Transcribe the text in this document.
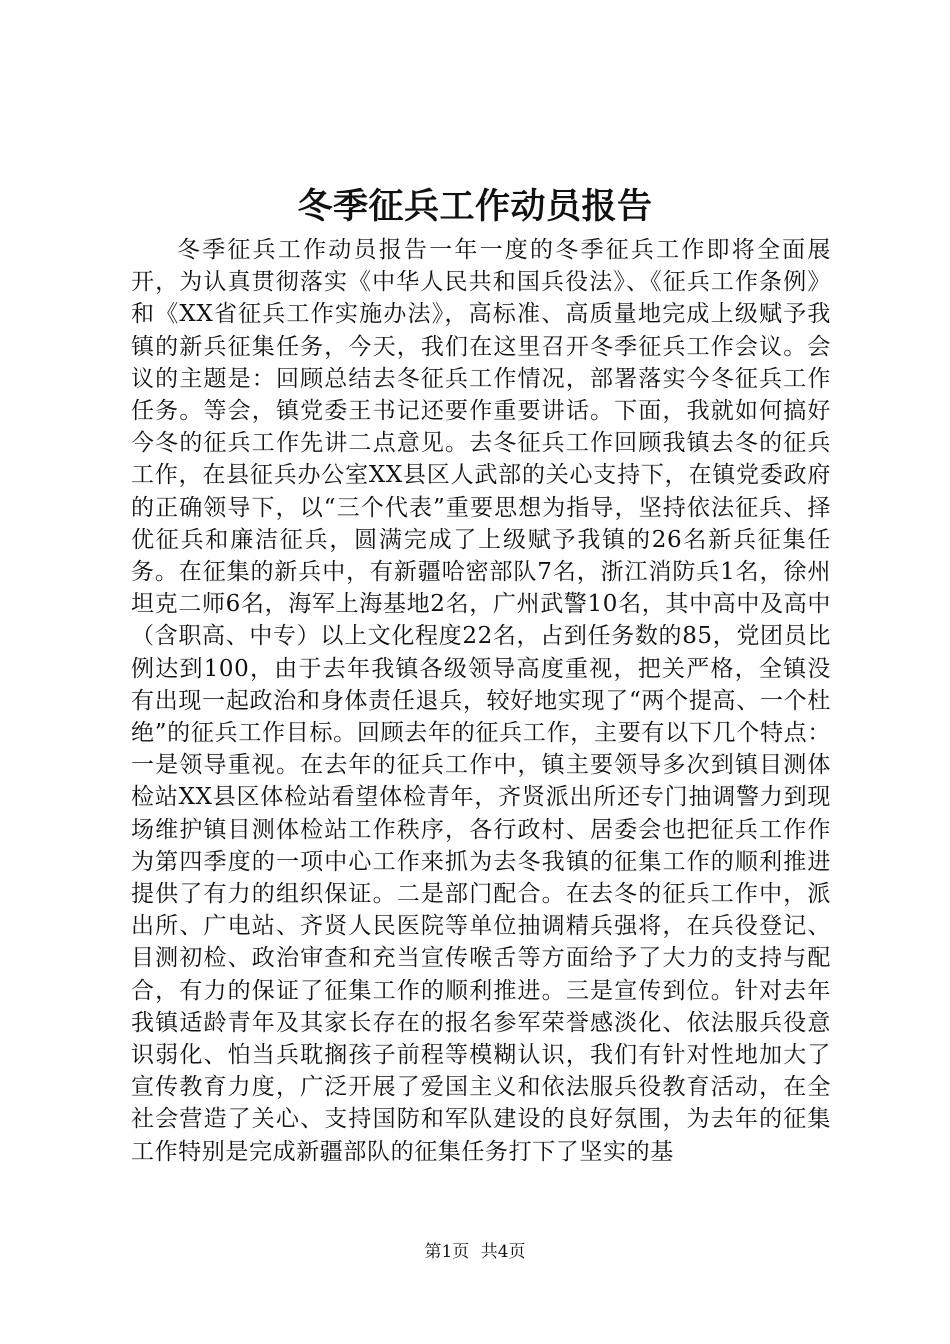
冬季征兵工作动员报告

冬季征兵工作动员报告一年一度的冬季征兵工作即将全面展开，为认真贯彻落实《中华人民共和国兵役法》、《征兵工作条例》和《XX省征兵工作实施办法》，高标准、高质量地完成上级赋予我镇的新兵征集任务，今天，我们在这里召开冬季征兵工作会议。会议的主题是：回顾总结去冬征兵工作情况，部署落实今冬征兵工作任务。等会，镇党委王书记还要作重要讲话。下面，我就如何搞好今冬的征兵工作先讲二点意见。去冬征兵工作回顾我镇去冬的征兵工作，在县征兵办公室XX县区人武部的关心支持下，在镇党委政府的正确领导下，以“三个代表”重要思想为指导，坚持依法征兵、择优征兵和廉洁征兵，圆满完成了上级赋予我镇的26名新兵征集任务。在征集的新兵中，有新疆哈密部队7名，浙江消防兵1名，徐州坦克二师6名，海军上海基地2名，广州武警10名，其中高中及高中（含职高、中专）以上文化程度22名，占到任务数的85，党团员比例达到100，由于去年我镇各级领导高度重视，把关严格，全镇没有出现一起政治和身体责任退兵，较好地实现了“两个提高、一个杜绝”的征兵工作目标。回顾去年的征兵工作，主要有以下几个特点：一是领导重视。在去年的征兵工作中，镇主要领导多次到镇目测体检站XX县区体检站看望体检青年，齐贤派出所还专门抽调警力到现场维护镇目测体检站工作秩序，各行政村、居委会也把征兵工作作为第四季度的一项中心工作来抓为去冬我镇的征集工作的顺利推进提供了有力的组织保证。二是部门配合。在去冬的征兵工作中，派出所、广电站、齐贤人民医院等单位抽调精兵强将，在兵役登记、目测初检、政治审查和充当宣传喉舌等方面给予了大力的支持与配合，有力的保证了征集工作的顺利推进。三是宣传到位。针对去年我镇适龄青年及其家长存在的报名参军荣誉感淡化、依法服兵役意识弱化、怕当兵耽搁孩子前程等模糊认识，我们有针对性地加大了宣传教育力度，广泛开展了爱国主义和依法服兵役教育活动，在全社会营造了关心、支持国防和军队建设的良好氛围，为去年的征集工作特别是完成新疆部队的征集任务打下了坚实的基

第1页 共4页
